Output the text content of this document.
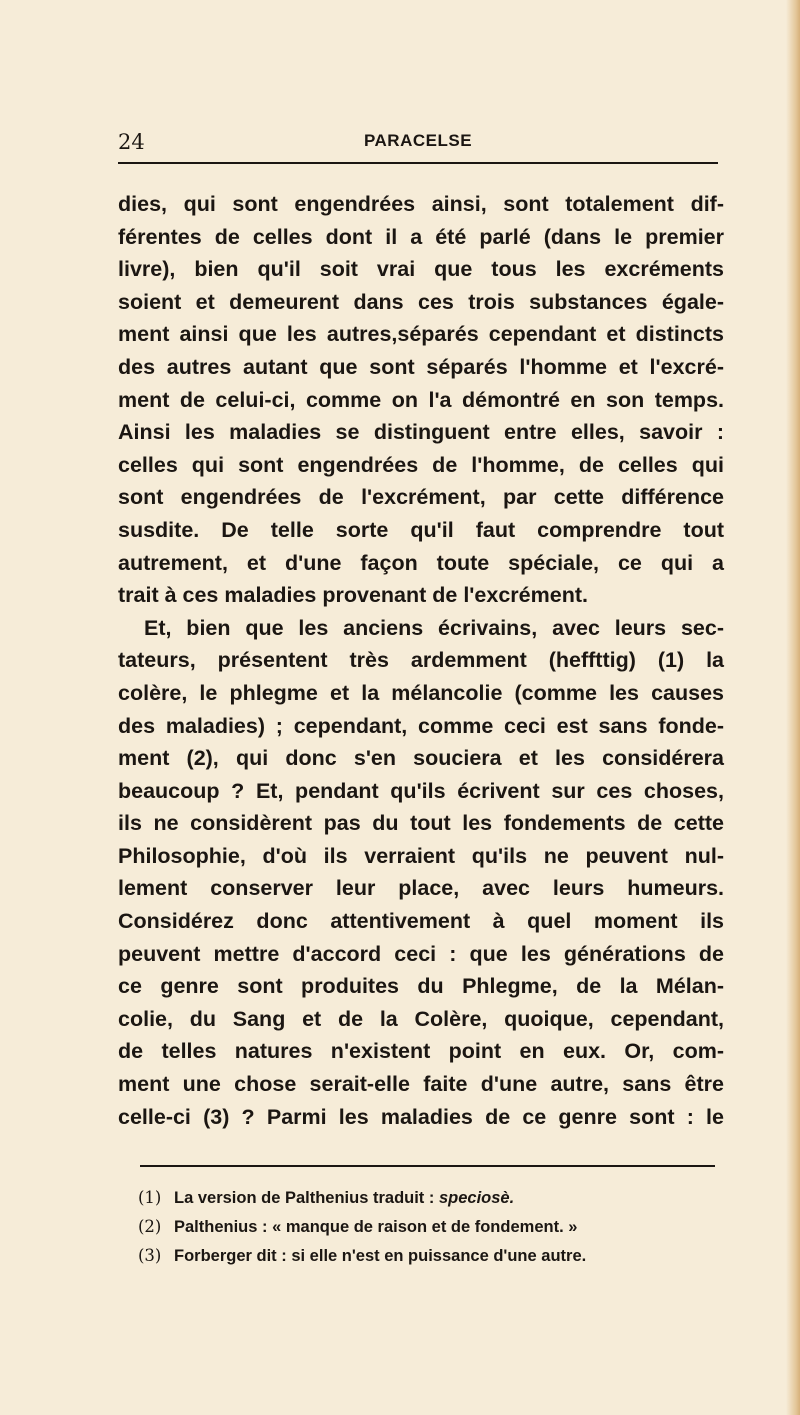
24	PARACELSE
dies, qui sont engendrées ainsi, sont totalement dif-
férentes de celles dont il a été parlé (dans le premier
livre), bien qu'il soit vrai que tous les excréments
soient et demeurent dans ces trois substances égale-
ment ainsi que les autres,séparés cependant et distincts
des autres autant que sont séparés l'homme et l'excré-
ment de celui-ci, comme on l'a démontré en son temps.
Ainsi les maladies se distinguent entre elles, savoir :
celles qui sont engendrées de l'homme, de celles qui
sont engendrées de l'excrément, par cette différence
susdite. De telle sorte qu'il faut comprendre tout
autrement, et d'une façon toute spéciale, ce qui a
trait à ces maladies provenant de l'excrément.
Et, bien que les anciens écrivains, avec leurs sec-
tateurs, présentent très ardemment (heffttig) (1) la
colère, le phlegme et la mélancolie (comme les causes
des maladies) ; cependant, comme ceci est sans fonde-
ment (2), qui donc s'en souciera et les considérera
beaucoup ? Et, pendant qu'ils écrivent sur ces choses,
ils ne considèrent pas du tout les fondements de cette
Philosophie, d'où ils verraient qu'ils ne peuvent nul-
lement conserver leur place, avec leurs humeurs.
Considérez donc attentivement à quel moment ils
peuvent mettre d'accord ceci : que les générations de
ce genre sont produites du Phlegme, de la Mélan-
colie, du Sang et de la Colère, quoique, cependant,
de telles natures n'existent point en eux. Or, com-
ment une chose serait-elle faite d'une autre, sans être
celle-ci (3) ? Parmi les maladies de ce genre sont : le
(1) La version de Palthenius traduit : speciosè.
(2) Palthenius : « manque de raison et de fondement. »
(3) Forberger dit : si elle n'est en puissance d'une autre.
